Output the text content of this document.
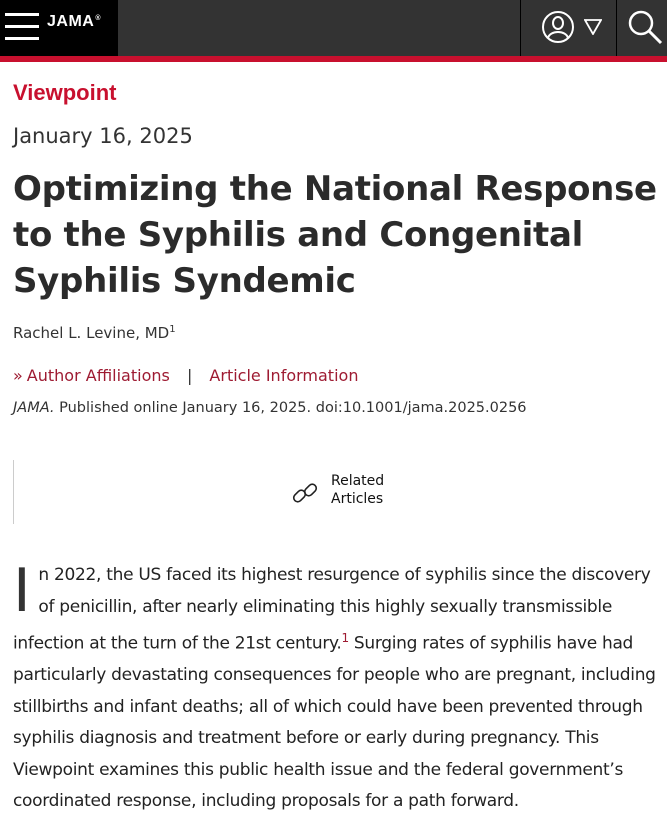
JAMA®
Viewpoint
January 16, 2025
Optimizing the National Response to the Syphilis and Congenital Syphilis Syndemic
Rachel L. Levine, $MD^1$
» Author Affiliations | Article Information
JAMA. Published online January 16, 2025. doi:10.1001/jama.2025.0256
Related Articles
In 2022, the US faced its highest resurgence of syphilis since the discovery of penicillin, after nearly eliminating this highly sexually transmissible infection at the turn of the 21st century.$^1$ Surging rates of syphilis have had particularly devastating consequences for people who are pregnant, including stillbirths and infant deaths; all of which could have been prevented through syphilis diagnosis and treatment before or early during pregnancy. This Viewpoint examines this public health issue and the federal government’s coordinated response, including proposals for a path forward.
